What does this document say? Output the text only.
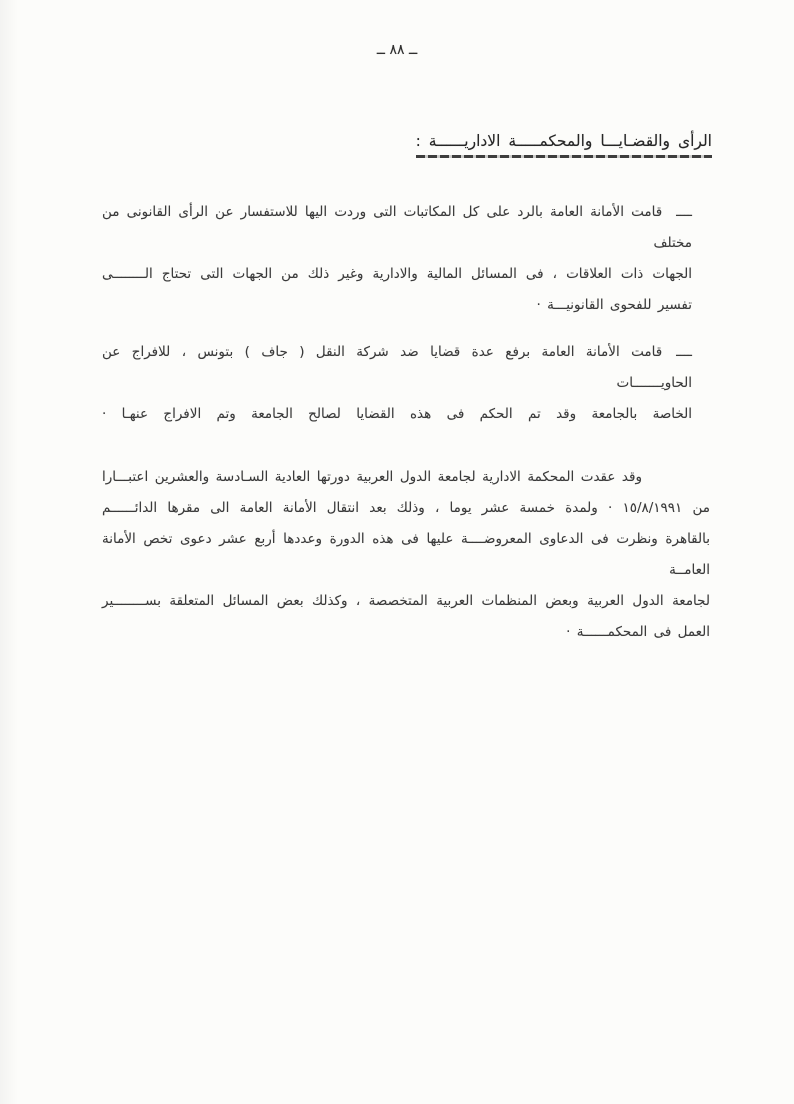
ــ ٨٨ ــ
الرأى والقضـايـــا والمحكمـــــة الاداريــــــة :
ــــقامت الأمانة العامة بالرد على كل المكاتبات التى وردت اليها للاستفسار عن الرأى القانونى من مختلف
الجهات ذات العلاقات ، فى المسائل المالية والادارية وغير ذلك من الجهات التى تحتاج الــــــــى
تفسير للفحوى القانونيـــة ·
ــــقامت الأمانة العامة برفع عدة قضايا ضد شركة النقل ( جاف ) بتونس ، للافراج عن الحاويـــــــات
الخاصة بالجامعة وقد تم الحكم فى هذه القضايا لصالح الجامعة وتم الافراج عنهـا ·
وقد عقدت المحكمة الادارية لجامعة الدول العربية دورتها العادية السـادسة والعشرين اعتبـــارا
من ١٥/٨/١٩٩١ · ولمدة خمسة عشر يوما ، وذلك بعد انتقال الأمانة العامة الى مقرها الدائــــــم
بالقاهرة ونظرت فى الدعاوى المعروضــــة عليها فى هذه الدورة وعددها أربع عشر دعوى تخص الأمانة العامــة
لجامعة الدول العربية وبعض المنظمات العربية المتخصصة ، وكذلك بعض المسائل المتعلقة بســــــــير
العمل فى المحكمــــــة ·
